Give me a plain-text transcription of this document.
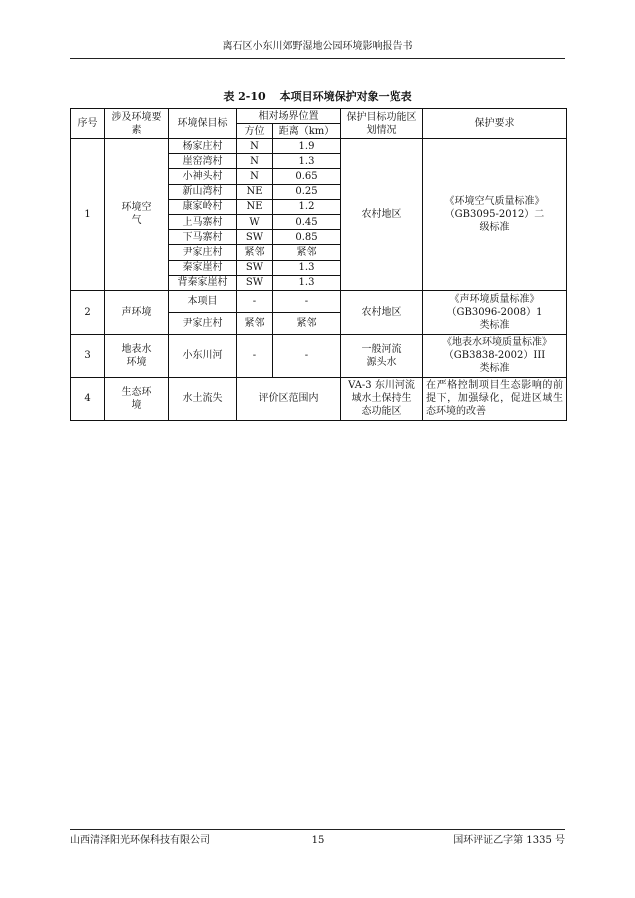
离石区小东川郊野湿地公园环境影响报告书
表 2-10 本项目环境保护对象一览表
序号	涉及环境要素	环境保目标	相对场界位置		保护目标功能区划情况	保护要求
			方位	距离（km）		
1	环境空气	杨家庄村	N	1.9	农村地区	《环境空气质量标准》（GB3095-2012）二级标准
		崖窑湾村	N	1.3		
		小神头村	N	0.65		
		新山湾村	NE	0.25		
		康家岭村	NE	1.2		
		上马寨村	W	0.45		
		下马寨村	SW	0.85		
		尹家庄村	紧邻	紧邻		
		秦家崖村	SW	1.3		
		背秦家崖村	SW	1.3		
2	声环境	本项目	-	-	农村地区	《声环境质量标准》（GB3096-2008）1 类标准
		尹家庄村	紧邻	紧邻		
3	地表水环境	小东川河	-	-	一般河流源头水	《地表水环境质量标准》（GB3838-2002）III类标准
4	生态环境	水土流失	评价区范围内		VA-3 东川河流域水土保持生态功能区	在严格控制项目生态影响的前提下，加强绿化，促进区域生态环境的改善
山西清泽阳光环保科技有限公司	15	国环评证乙字第 1335 号
